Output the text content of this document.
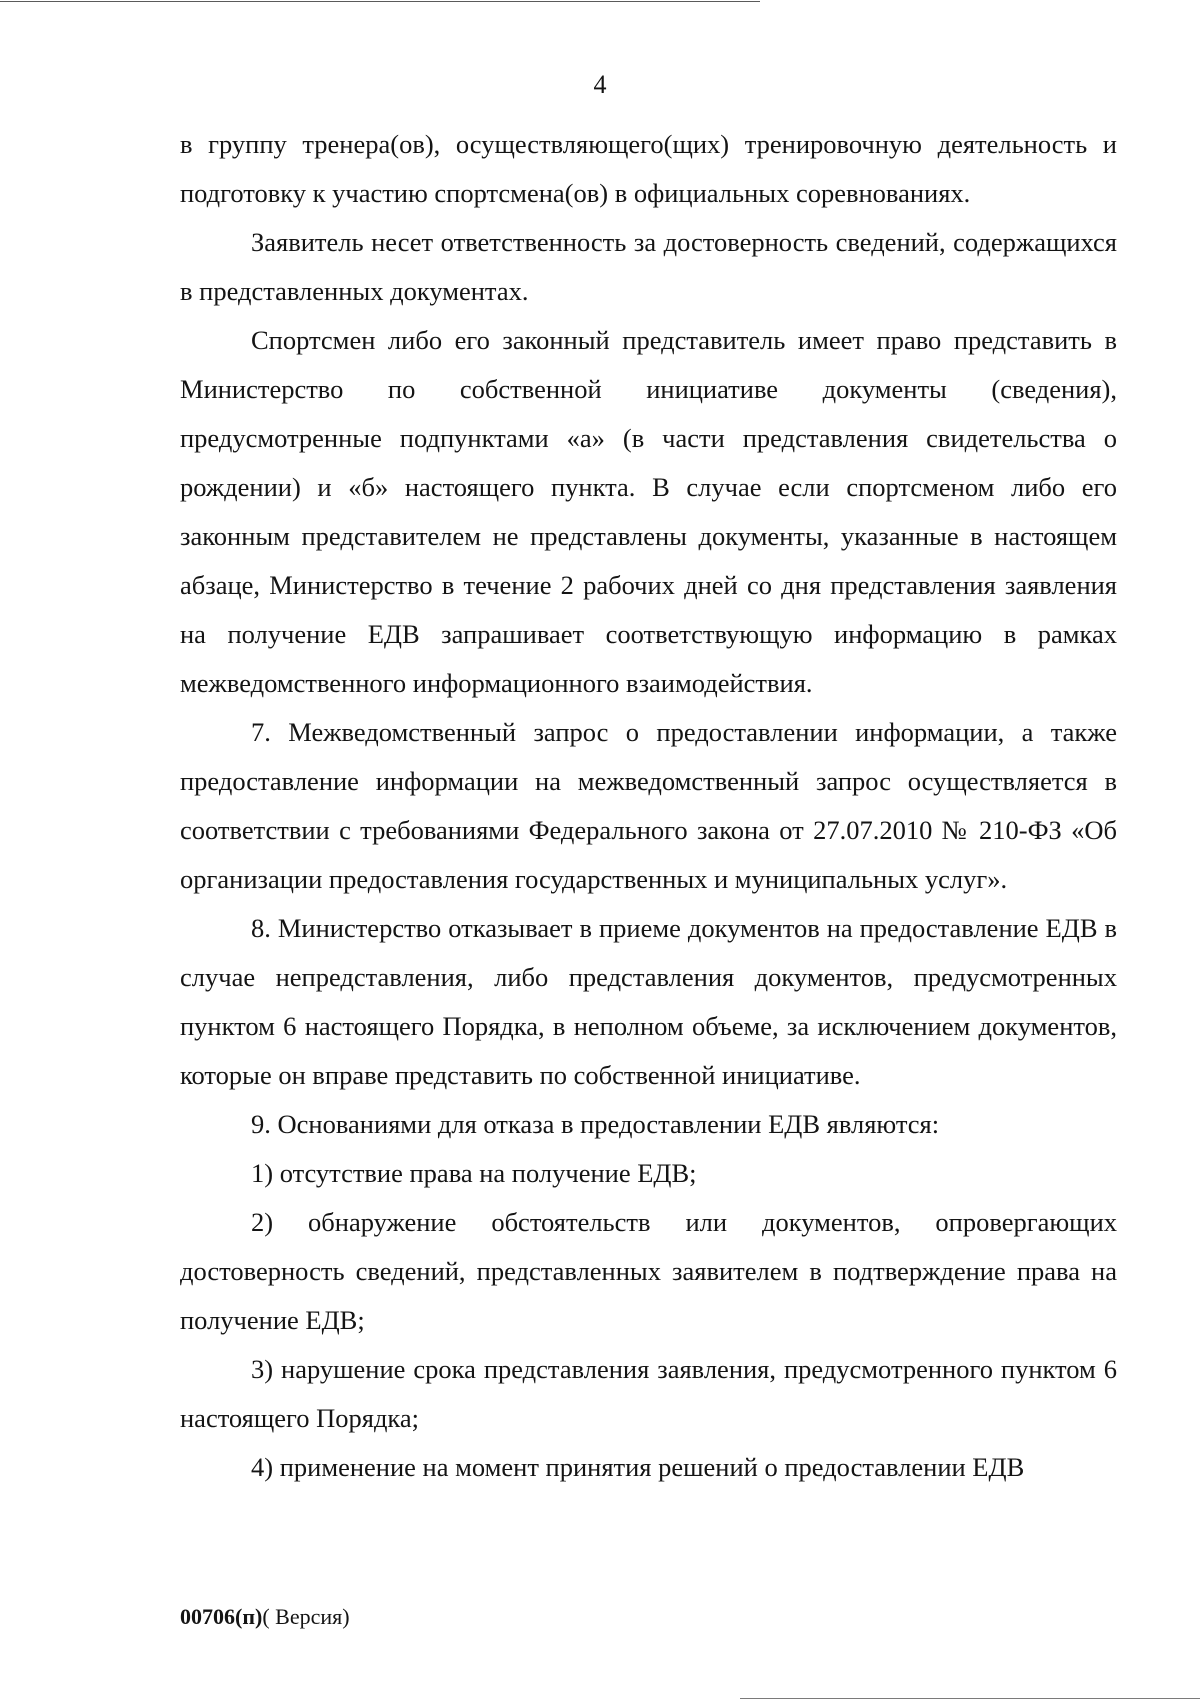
4

в группу тренера(ов), осуществляющего(щих) тренировочную деятельность и подготовку к участию спортсмена(ов) в официальных соревнованиях.

Заявитель несет ответственность за достоверность сведений, содержащихся в представленных документах.

Спортсмен либо его законный представитель имеет право представить в Министерство по собственной инициативе документы (сведения), предусмотренные подпунктами «а» (в части представления свидетельства о рождении) и «б» настоящего пункта. В случае если спортсменом либо его законным представителем не представлены документы, указанные в настоящем абзаце, Министерство в течение 2 рабочих дней со дня представления заявления на получение ЕДВ запрашивает соответствующую информацию в рамках межведомственного информационного взаимодействия.

7. Межведомственный запрос о предоставлении информации, а также предоставление информации на межведомственный запрос осуществляется в соответствии с требованиями Федерального закона от 27.07.2010 № 210-ФЗ «Об организации предоставления государственных и муниципальных услуг».

8. Министерство отказывает в приеме документов на предоставление ЕДВ в случае непредставления, либо представления документов, предусмотренных пунктом 6 настоящего Порядка, в неполном объеме, за исключением документов, которые он вправе представить по собственной инициативе.

9. Основаниями для отказа в предоставлении ЕДВ являются:

1) отсутствие права на получение ЕДВ;

2) обнаружение обстоятельств или документов, опровергающих достоверность сведений, представленных заявителем в подтверждение права на получение ЕДВ;

3) нарушение срока представления заявления, предусмотренного пунктом 6 настоящего Порядка;

4) применение на момент принятия решений о предоставлении ЕДВ

00706(п)( Версия)
